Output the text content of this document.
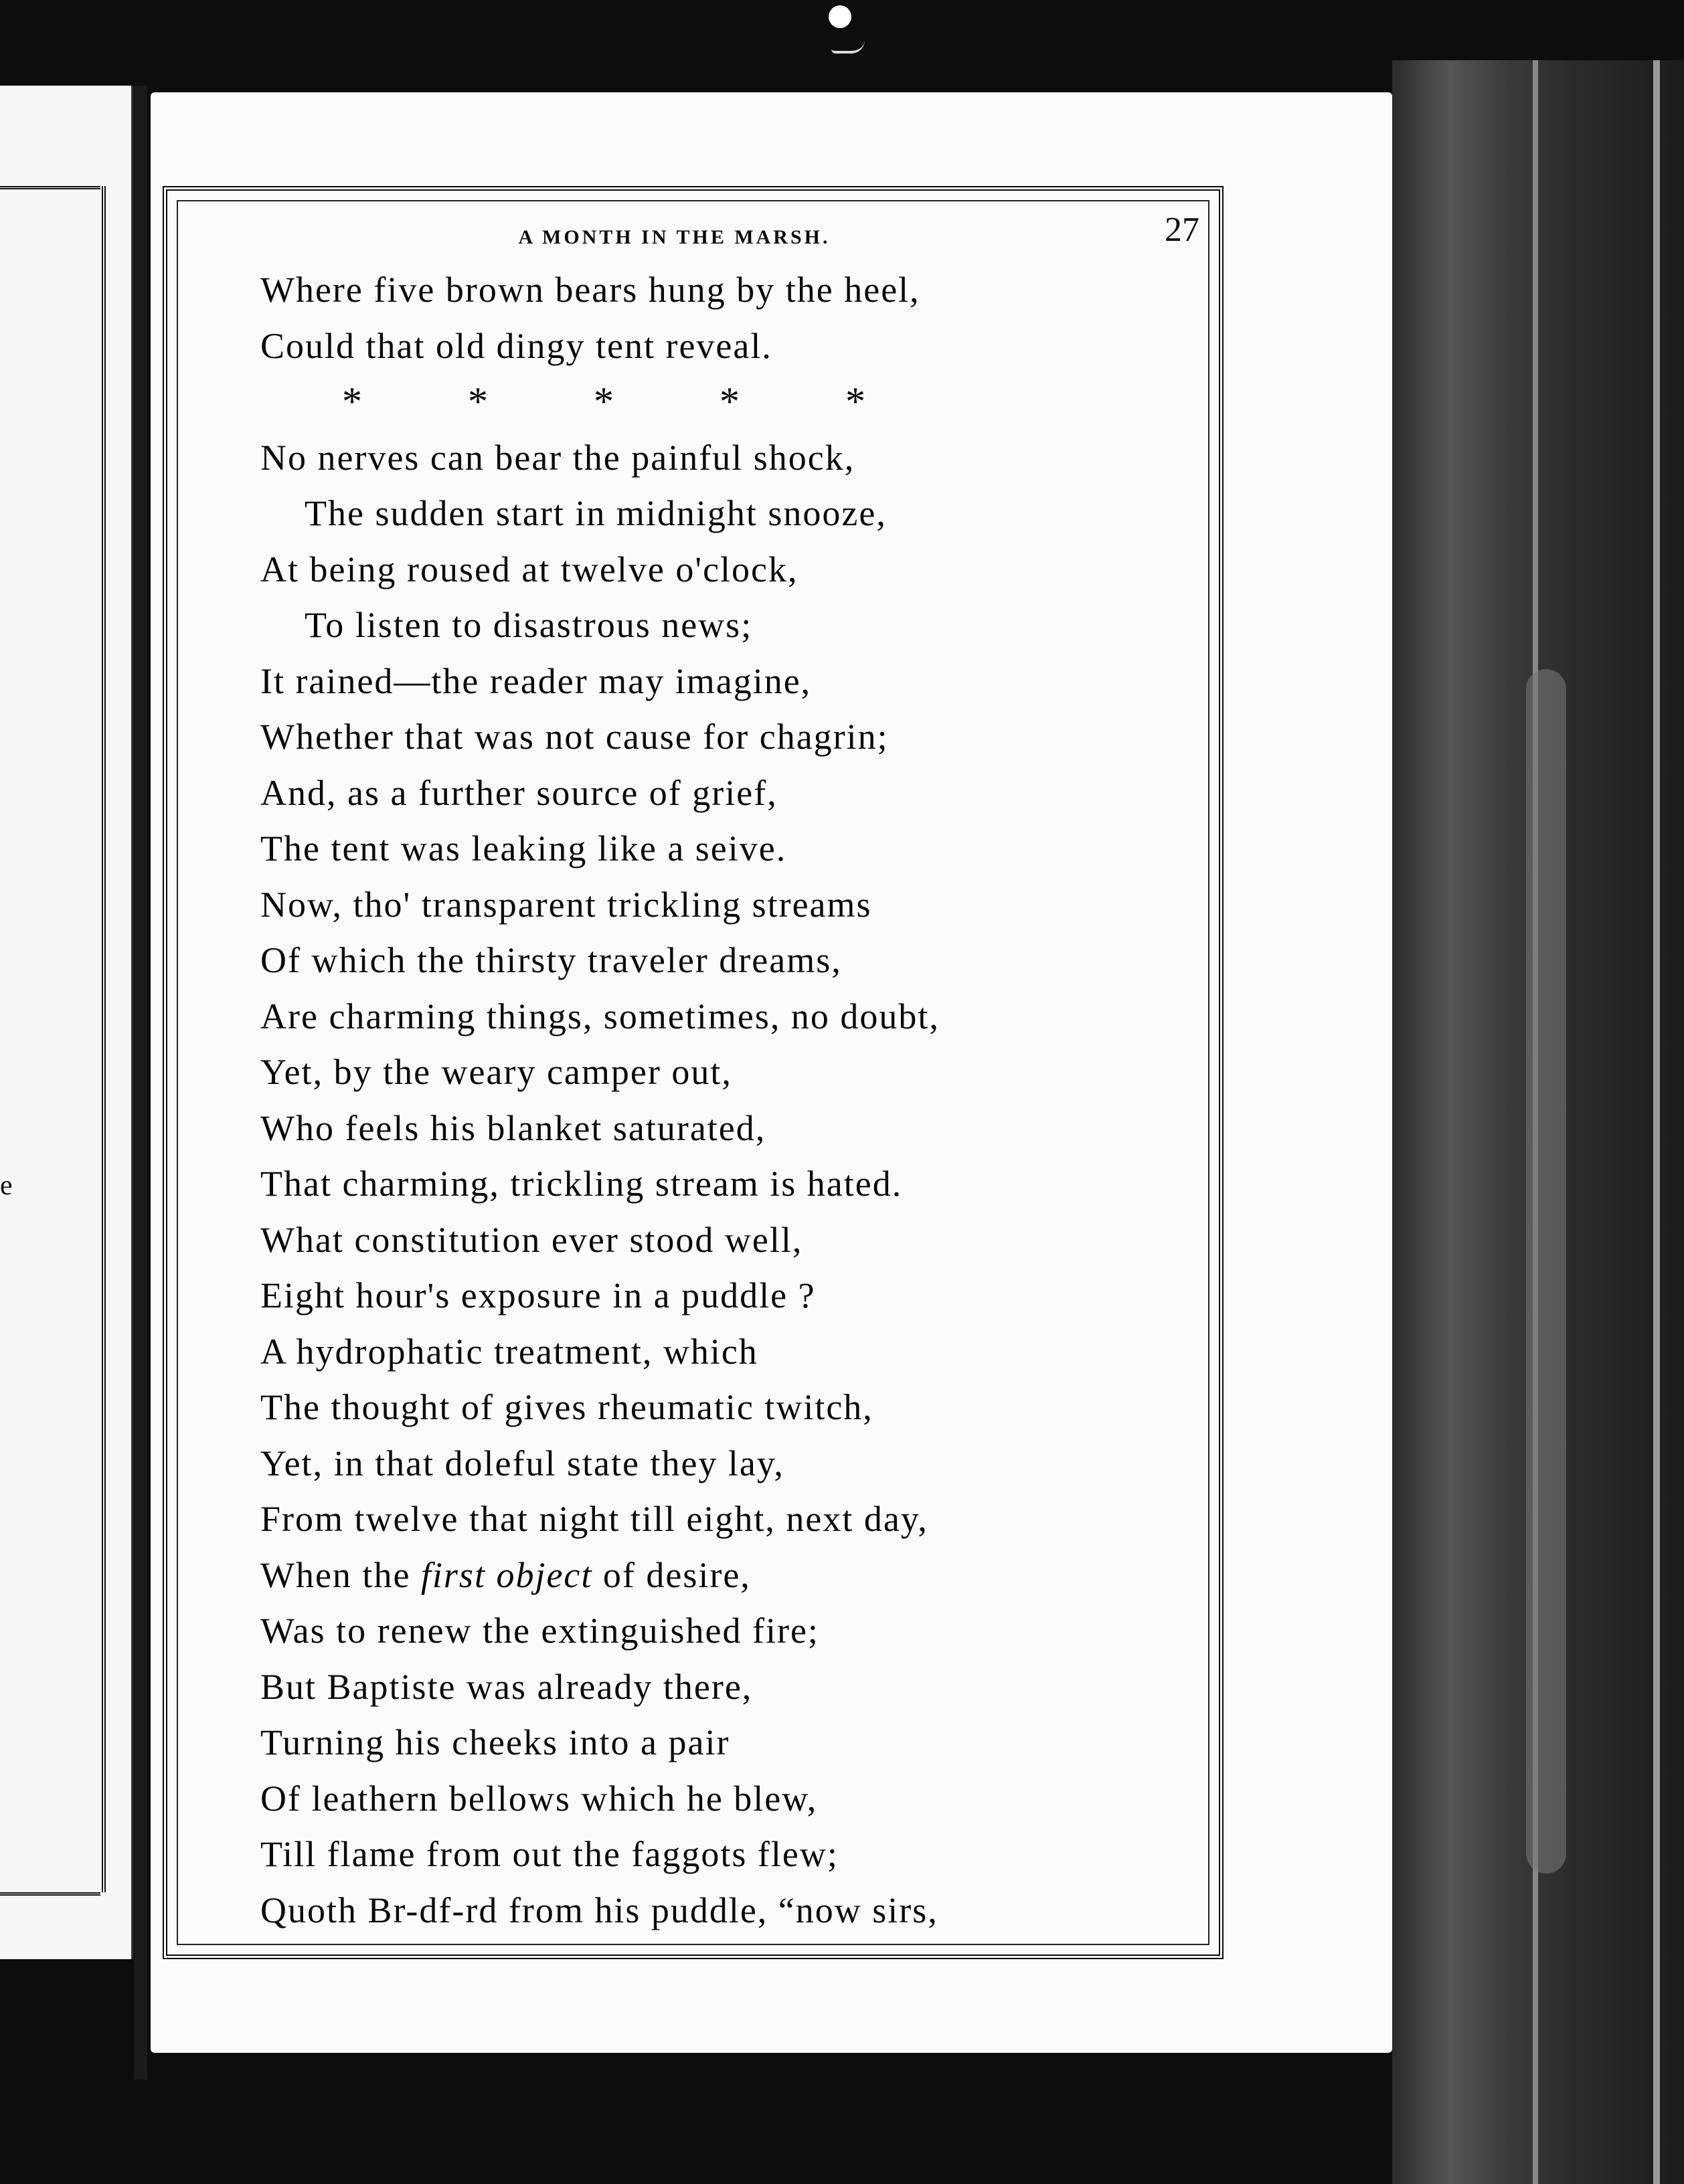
e
A MONTH IN THE MARSH.	27
Where five brown bears hung by the heel,
Could that old dingy tent reveal.
*	*	*	*	*
No nerves can bear the painful shock,
The sudden start in midnight snooze,
At being roused at twelve o'clock,
To listen to disastrous news;
It rained—the reader may imagine,
Whether that was not cause for chagrin;
And, as a further source of grief,
The tent was leaking like a seive.
Now, tho' transparent trickling streams
Of which the thirsty traveler dreams,
Are charming things, sometimes, no doubt,
Yet, by the weary camper out,
Who feels his blanket saturated,
That charming, trickling stream is hated.
What constitution ever stood well,
Eight hour's exposure in a puddle ?
A hydrophatic treatment, which
The thought of gives rheumatic twitch,
Yet, in that doleful state they lay,
From twelve that night till eight, next day,
When the first object of desire,
Was to renew the extinguished fire;
But Baptiste was already there,
Turning his cheeks into a pair
Of leathern bellows which he blew,
Till flame from out the faggots flew;
Quoth Br-df-rd from his puddle, “now sirs,
